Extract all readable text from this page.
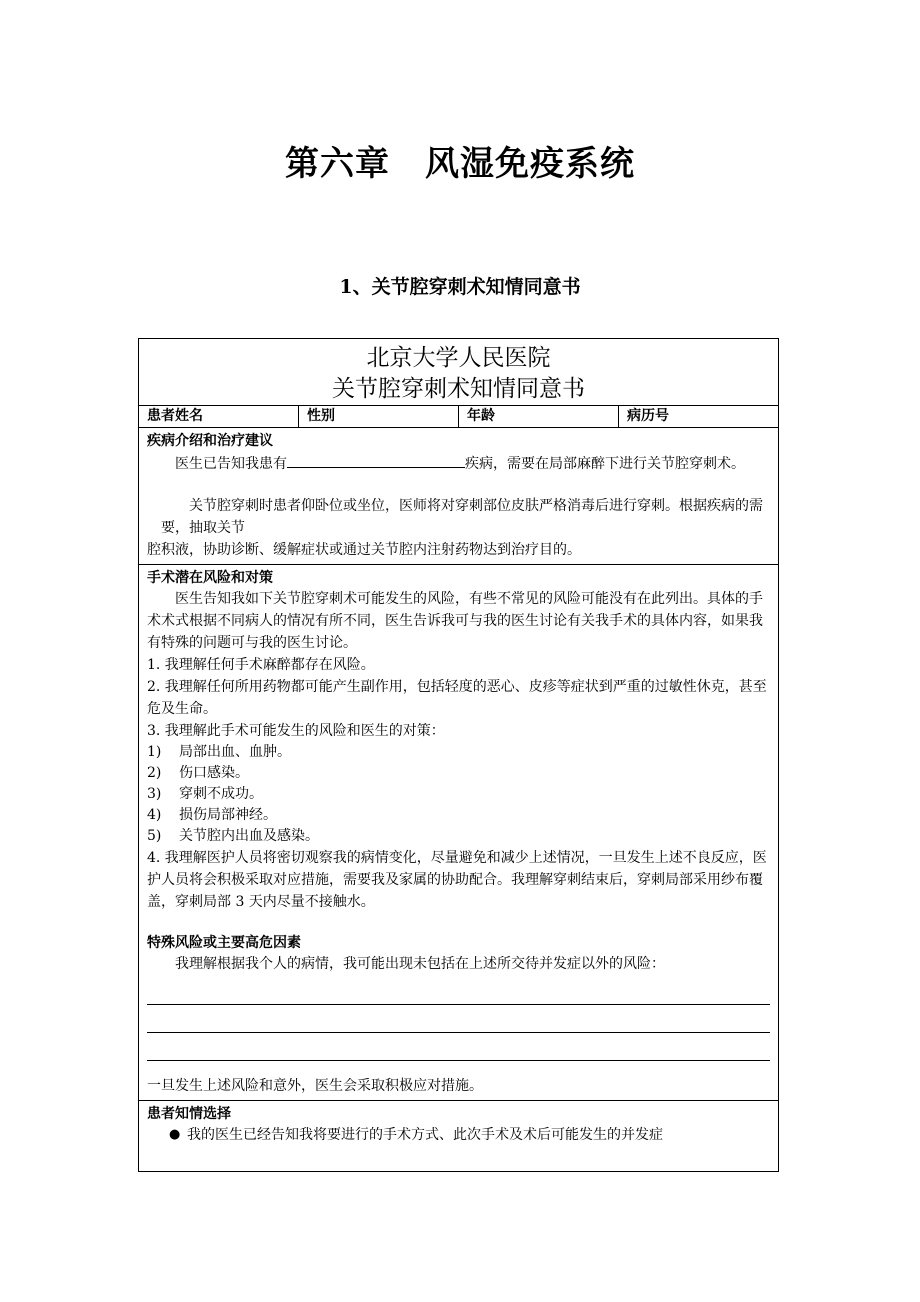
第六章　风湿免疫系统
1、关节腔穿刺术知情同意书
北京大学人民医院
关节腔穿刺术知情同意书
患者姓名	性别	年龄	病历号
疾病介绍和治疗建议

医生已告知我患有	疾病，需要在局部麻醉下进行关节腔穿刺术。

关节腔穿刺时患者仰卧位或坐位，医师将对穿刺部位皮肤严格消毒后进行穿刺。根据疾病的需要，抽取关节

腔积液，协助诊断、缓解症状或通过关节腔内注射药物达到治疗目的。

手术潜在风险和对策

医生告知我如下关节腔穿刺术可能发生的风险，有些不常见的风险可能没有在此列出。具体的手术术式根据不同病人的情况有所不同，医生告诉我可与我的医生讨论有关我手术的具体内容，如果我有特殊的问题可与我的医生讨论。

1. 我理解任何手术麻醉都存在风险。

2. 我理解任何所用药物都可能产生副作用，包括轻度的恶心、皮疹等症状到严重的过敏性休克，甚至危及生命。

3. 我理解此手术可能发生的风险和医生的对策：

1)	局部出血、血肿。
2)	伤口感染。
3)	穿刺不成功。
4)	损伤局部神经。
5)	关节腔内出血及感染。

4. 我理解医护人员将密切观察我的病情变化，尽量避免和减少上述情况，一旦发生上述不良反应，医护人员将会积极采取对应措施，需要我及家属的协助配合。我理解穿刺结束后，穿刺局部采用纱布覆盖，穿刺局部 3 天内尽量不接触水。

特殊风险或主要高危因素

我理解根据我个人的病情，我可能出现未包括在上述所交待并发症以外的风险：

一旦发生上述风险和意外，医生会采取积极应对措施。

患者知情选择
● 我的医生已经告知我将要进行的手术方式、此次手术及术后可能发生的并发症
